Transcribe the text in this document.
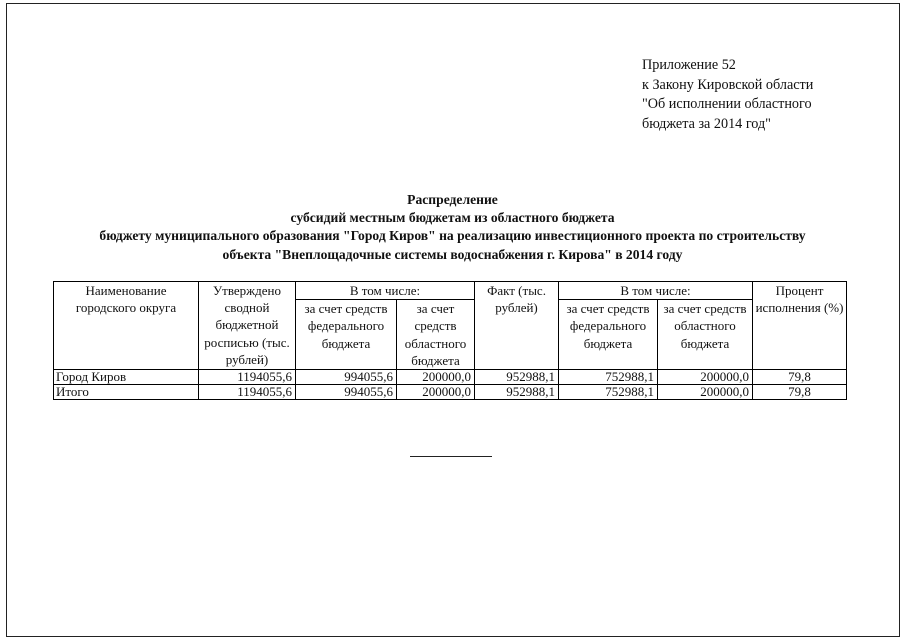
Приложение 52
к Закону Кировской области
"Об исполнении областного
бюджета за 2014 год"
Распределение
субсидий местным бюджетам из областного бюджета
бюджету муниципального образования "Город Киров" на реализацию инвестиционного проекта по строительству
объекта "Внеплощадочные системы водоснабжения г. Кирова" в 2014 году
Наименование городского округа	Утверждено сводной бюджетной росписью (тыс. рублей)	В том числе:		Факт (тыс. рублей)	В том числе:		Процент исполнения (%)
		за счет средств федерального бюджета	за счет средств областного бюджета		за счет средств федерального бюджета	за счет средств областного бюджета	
Город Киров	1194055,6	994055,6	200000,0	952988,1	752988,1	200000,0	79,8
Итого	1194055,6	994055,6	200000,0	952988,1	752988,1	200000,0	79,8
